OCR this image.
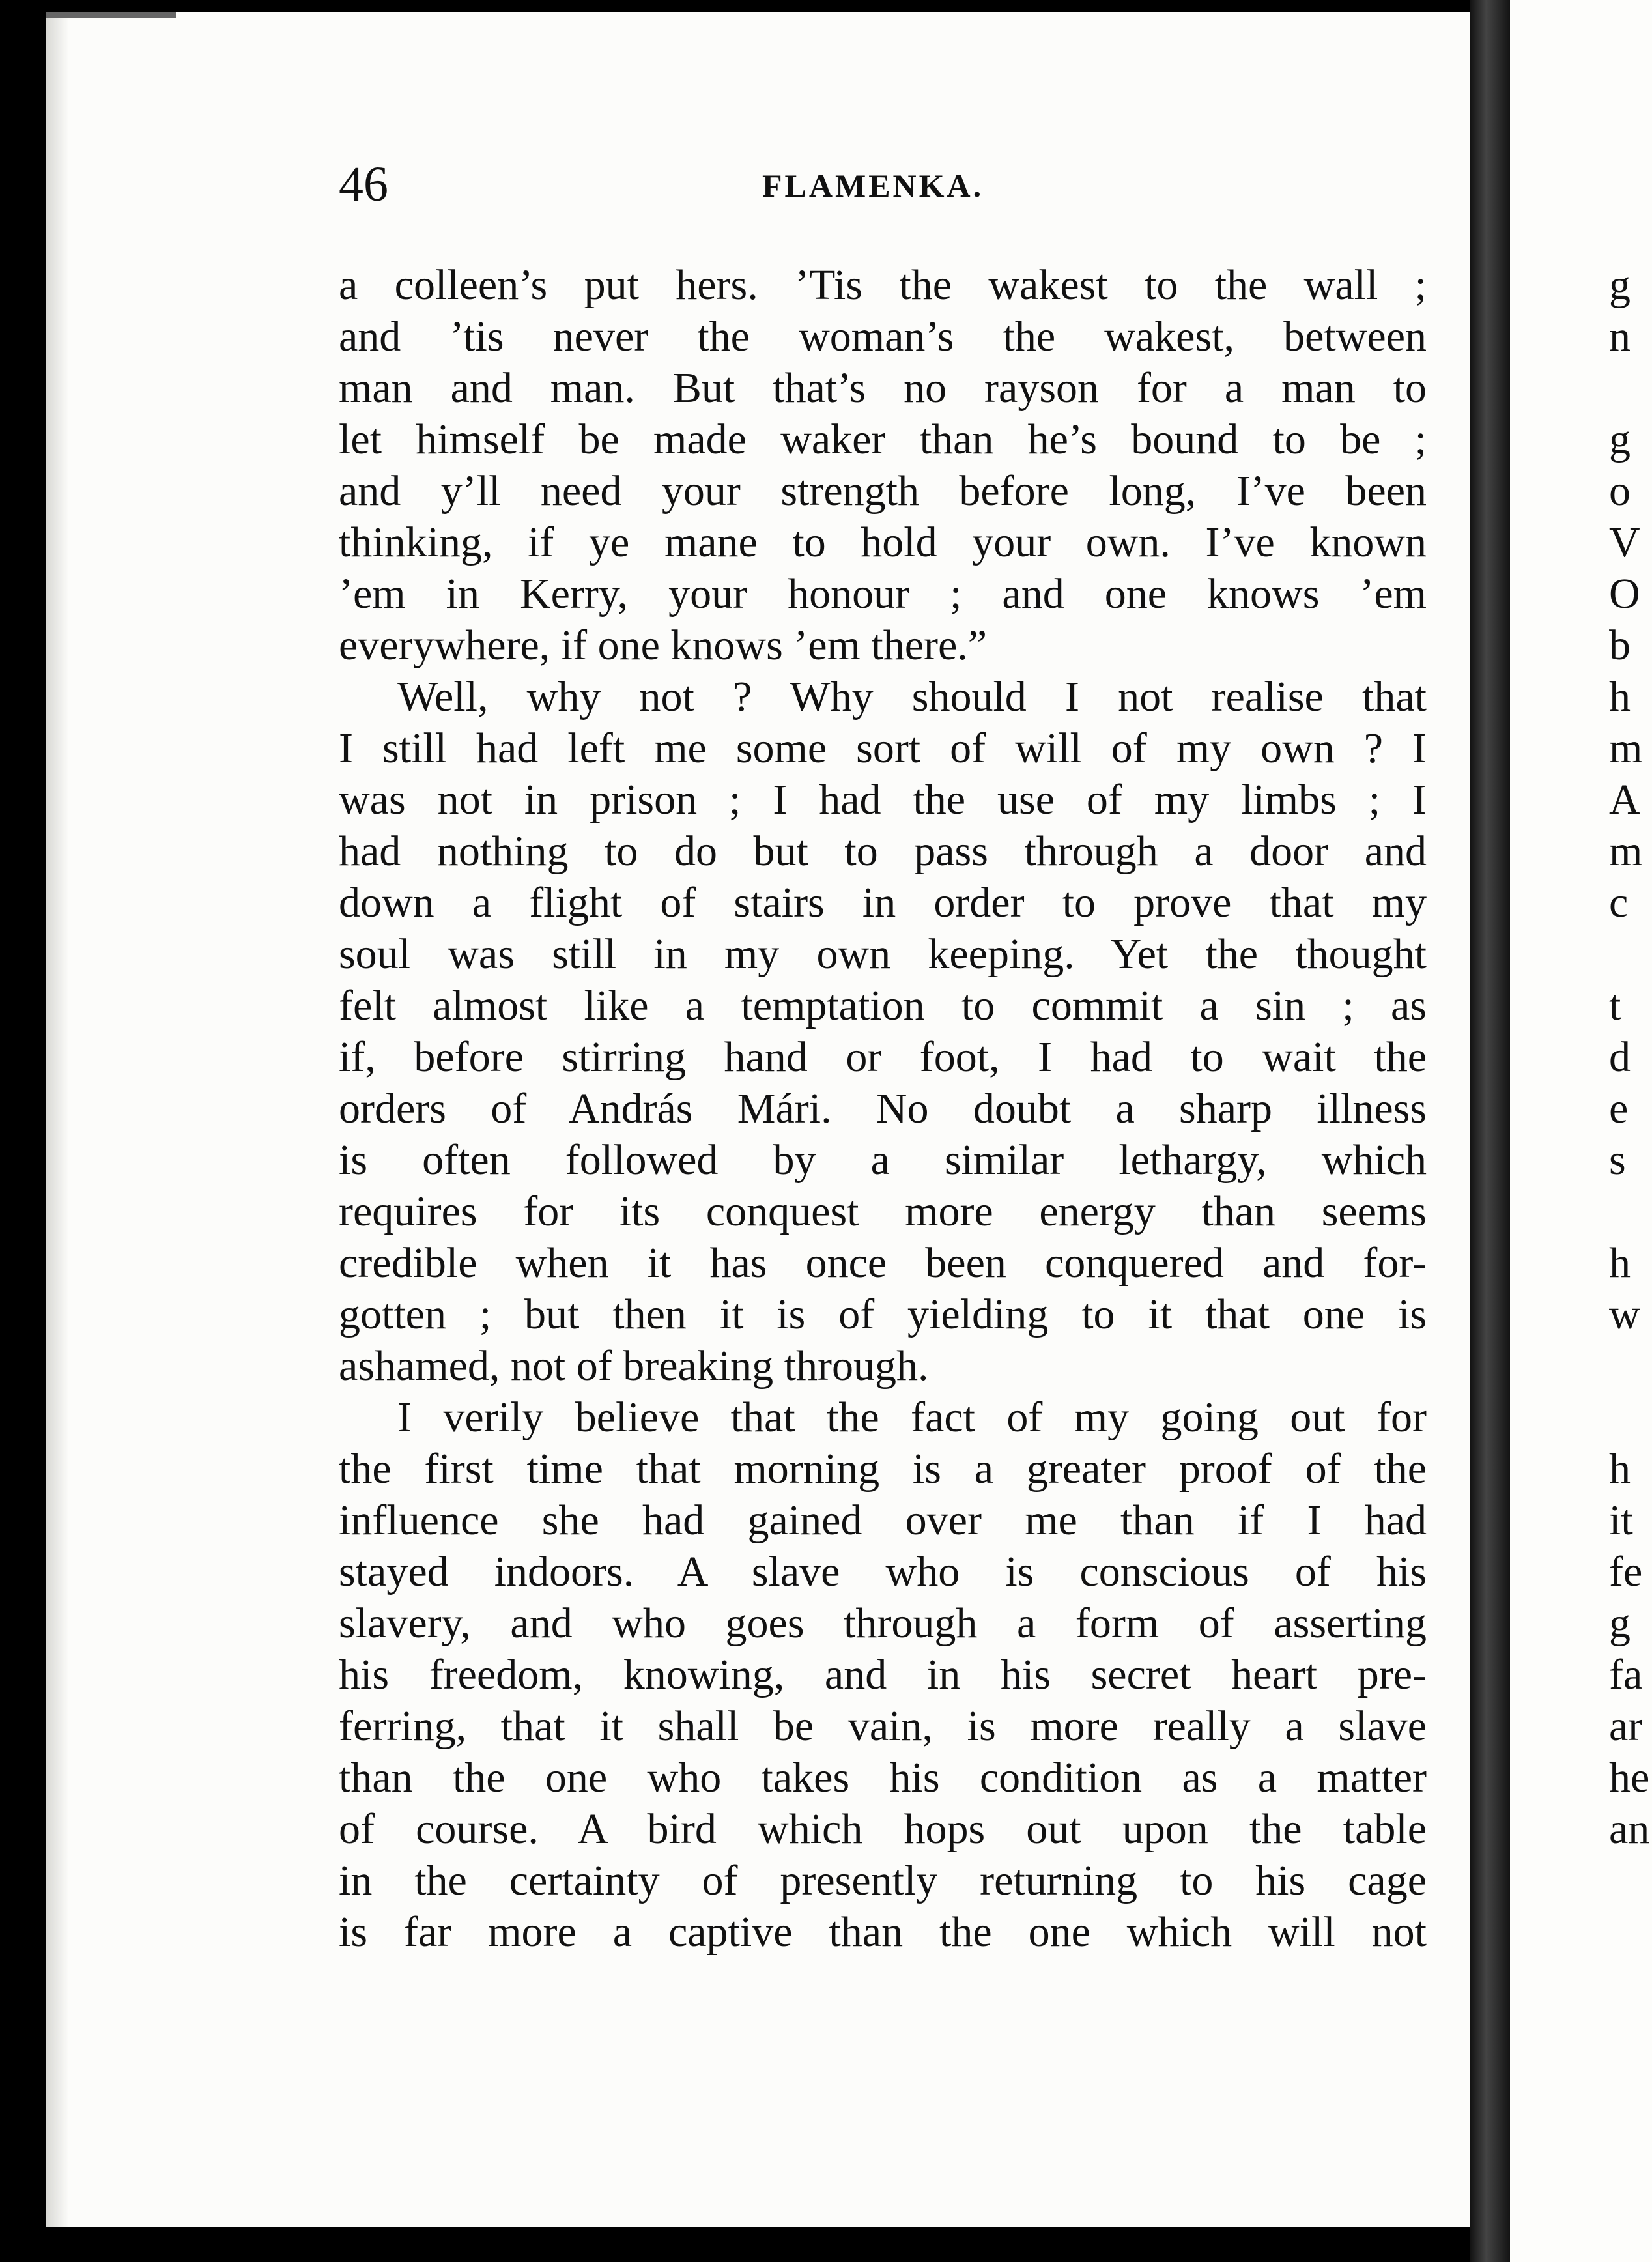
46	FLAMENKA.
a colleen’s put hers. ’Tis the wakest to the wall ;
and ’tis never the woman’s the wakest, between
man and man. But that’s no rayson for a man to
let himself be made waker than he’s bound to be ;
and y’ll need your strength before long, I’ve been
thinking, if ye mane to hold your own. I’ve known
’em in Kerry, your honour ; and one knows ’em
everywhere, if one knows ’em there.”
Well, why not ? Why should I not realise that
I still had left me some sort of will of my own ? I
was not in prison ; I had the use of my limbs ; I
had nothing to do but to pass through a door and
down a flight of stairs in order to prove that my
soul was still in my own keeping. Yet the thought
felt almost like a temptation to commit a sin ; as
if, before stirring hand or foot, I had to wait the
orders of András Mári. No doubt a sharp illness
is often followed by a similar lethargy, which
requires for its conquest more energy than seems
credible when it has once been conquered and for-
gotten ; but then it is of yielding to it that one is
ashamed, not of breaking through.
I verily believe that the fact of my going out for
the first time that morning is a greater proof of the
influence she had gained over me than if I had
stayed indoors. A slave who is conscious of his
slavery, and who goes through a form of asserting
his freedom, knowing, and in his secret heart pre-
ferring, that it shall be vain, is more really a slave
than the one who takes his condition as a matter
of course. A bird which hops out upon the table
in the certainty of presently returning to his cage
is far more a captive than the one which will not
g
n
g
o
V
O
b
h
m
A
m
c
t
d
e
s
h
w
h
it
fe
g
fa
ar
he
an
